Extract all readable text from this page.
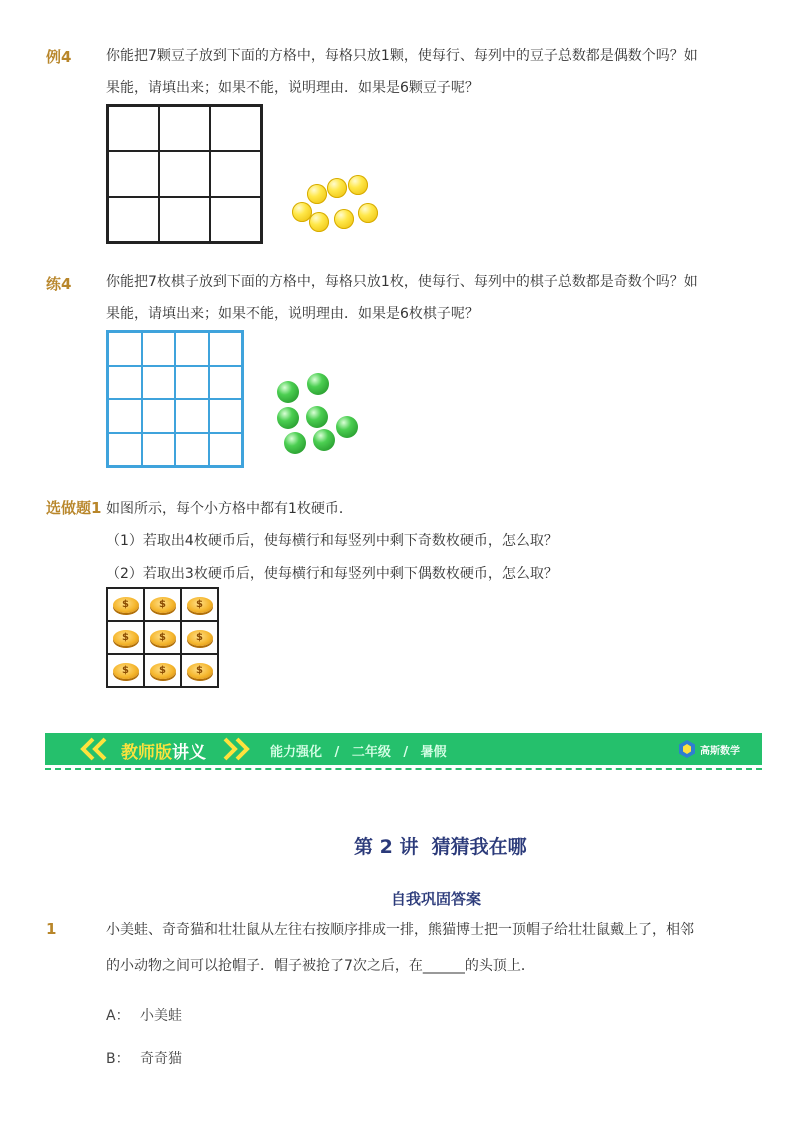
例4 你能把7颗豆子放到下面的方格中，每格只放1颗，使每行、每列中的豆子总数都是偶数个吗？如
果能，请填出来；如果不能，说明理由．如果是6颗豆子呢？
练4 你能把7枚棋子放到下面的方格中，每格只放1枚，使每行、每列中的棋子总数都是奇数个吗？如
果能，请填出来；如果不能，说明理由．如果是6枚棋子呢？
选做题1 如图所示，每个小方格中都有1枚硬币．
（1）若取出4枚硬币后，使每横行和每竖列中剩下奇数枚硬币，怎么取？
（2）若取出3枚硬币后，使每横行和每竖列中剩下偶数枚硬币，怎么取？
$	$	$
$	$	$
$	$	$
教师版讲义	能力强化 / 二年级 / 暑假	高斯数学
第 2 讲  猜猜我在哪
自我巩固答案
1	小美蛙、奇奇猫和壮壮鼠从左往右按顺序排成一排，熊猫博士把一顶帽子给壮壮鼠戴上了，相邻
的小动物之间可以抢帽子．帽子被抢了7次之后，在______的头顶上．
A： 小美蛙
B： 奇奇猫
